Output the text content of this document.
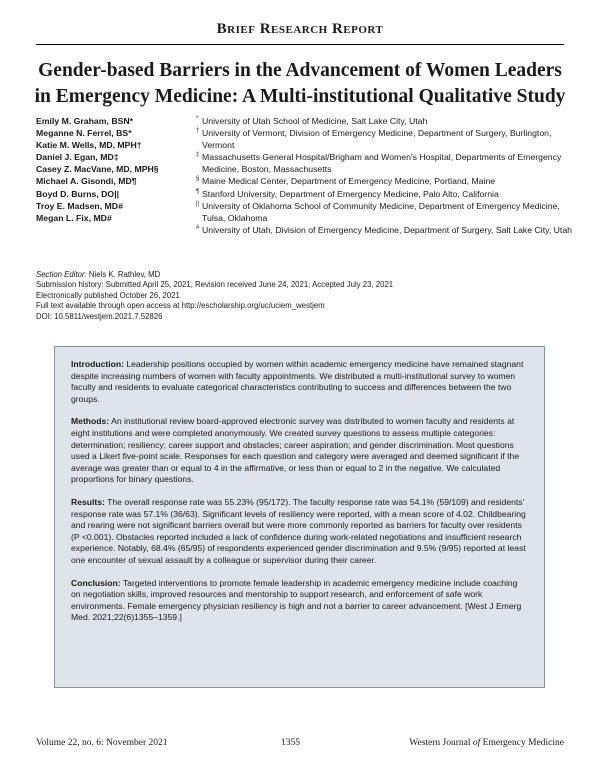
Brief Research Report
Gender-based Barriers in the Advancement of Women Leaders in Emergency Medicine: A Multi-institutional Qualitative Study
Emily M. Graham, BSN*
Meganne N. Ferrel, BS*
Katie M. Wells, MD, MPH†
Daniel J. Egan, MD‡
Casey Z. MacVane, MD, MPH§
Michael A. Gisondi, MD¶
Boyd D. Burns, DO||
Troy E. Madsen, MD#
Megan L. Fix, MD#
* University of Utah School of Medicine, Salt Lake City, Utah
† University of Vermont, Division of Emergency Medicine, Department of Surgery, Burlington, Vermont
‡ Massachusetts General Hospital/Brigham and Women's Hospital, Departments of Emergency Medicine, Boston, Massachusetts
§ Maine Medical Center, Department of Emergency Medicine, Portland, Maine
¶ Stanford University, Department of Emergency Medicine, Palo Alto, California
|| University of Oklahoma School of Community Medicine, Department of Emergency Medicine, Tulsa, Oklahoma
# University of Utah, Division of Emergency Medicine, Department of Surgery, Salt Lake City, Utah
Section Editor: Niels K. Rathlev, MD
Submission history: Submitted April 25, 2021; Revision received June 24, 2021; Accepted July 23, 2021
Electronically published October 26, 2021
Full text available through open access at http://escholarship.org/uc/uciem_westjem
DOI: 10.5811/westjem.2021.7.52826

Introduction: Leadership positions occupied by women within academic emergency medicine have remained stagnant despite increasing numbers of women with faculty appointments. We distributed a multi-institutional survey to women faculty and residents to evaluate categorical characteristics contributing to success and differences between the two groups.

Methods: An institutional review board-approved electronic survey was distributed to women faculty and residents at eight institutions and were completed anonymously. We created survey questions to assess multiple categories: determination; resiliency; career support and obstacles; career aspiration; and gender discrimination. Most questions used a Likert five-point scale. Responses for each question and category were averaged and deemed significant if the average was greater than or equal to 4 in the affirmative, or less than or equal to 2 in the negative. We calculated proportions for binary questions.

Results: The overall response rate was 55.23% (95/172). The faculty response rate was 54.1% (59/109) and residents' response rate was 57.1% (36/63). Significant levels of resiliency were reported, with a mean score of 4.02. Childbearing and rearing were not significant barriers overall but were more commonly reported as barriers for faculty over residents (P <0.001). Obstacles reported included a lack of confidence during work-related negotiations and insufficient research experience. Notably, 68.4% (65/95) of respondents experienced gender discrimination and 9.5% (9/95) reported at least one encounter of sexual assault by a colleague or supervisor during their career.

Conclusion: Targeted interventions to promote female leadership in academic emergency medicine include coaching on negotiation skills, improved resources and mentorship to support research, and enforcement of safe work environments. Female emergency physician resiliency is high and not a barrier to career advancement. [West J Emerg Med. 2021;22(6)1355–1359.]

Volume 22, no. 6: November 2021	1355	Western Journal of Emergency Medicine
